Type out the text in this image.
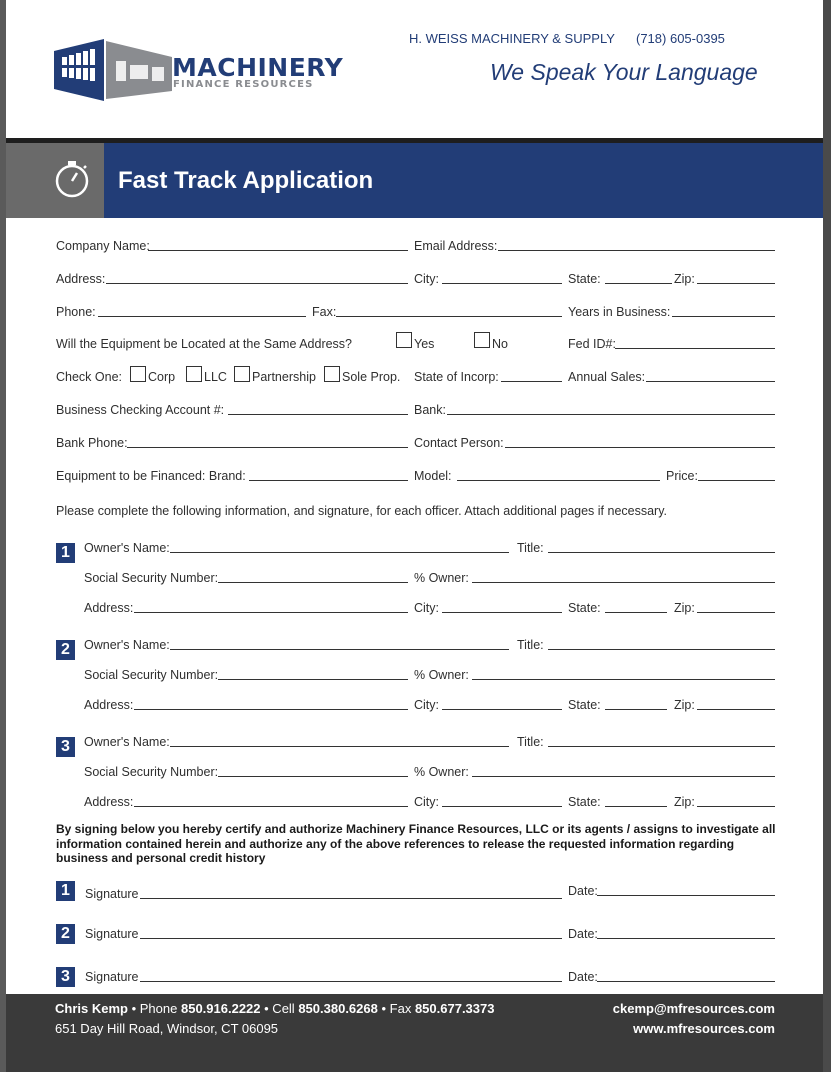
MACHINERY
FINANCE RESOURCES
H. WEISS MACHINERY & SUPPLY (718) 605-0395
We Speak Your Language
Fast Track Application
Company Name:	Email Address:
Address:	City:	State:	Zip:
Phone:	Fax:	Years in Business:
Will the Equipment be Located at the Same Address?	Yes	No	Fed ID#:
Check One: Corp LLC Partnership Sole Prop. State of Incorp:	Annual Sales:
Business Checking Account #:	Bank:
Bank Phone:	Contact Person:
Equipment to be Financed: Brand:	Model:	Price:
Please complete the following information, and signature, for each officer. Attach additional pages if necessary.
1	Owner's Name:	Title:
Social Security Number:	% Owner:
Address:	City:	State:	Zip:
2	Owner's Name:	Title:
Social Security Number:	% Owner:
Address:	City:	State:	Zip:
3	Owner's Name:	Title:
Social Security Number:	% Owner:
Address:	City:	State:	Zip:
By signing below you hereby certify and authorize Machinery Finance Resources, LLC or its agents / assigns to investigate all information contained herein and authorize any of the above references to release the requested information regarding business and personal credit history
1	Signature	Date:
2	Signature	Date:
3	Signature	Date:
Chris Kemp • Phone 850.916.2222 • Cell 850.380.6268 • Fax 850.677.3373
651 Day Hill Road, Windsor, CT 06095
ckemp@mfresources.com
www.mfresources.com
